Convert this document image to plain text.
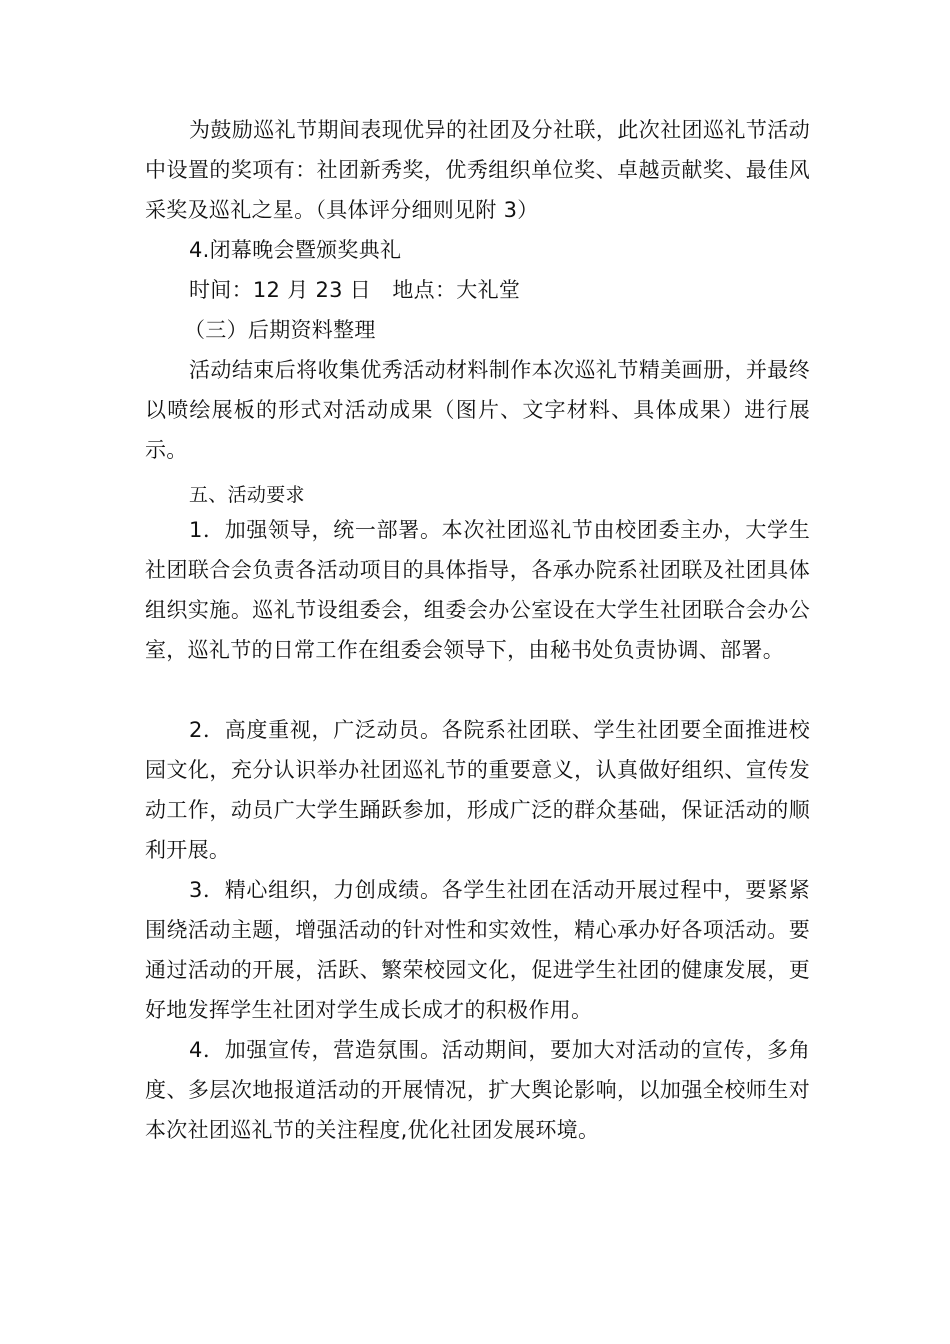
为鼓励巡礼节期间表现优异的社团及分社联，此次社团巡礼节活动中设置的奖项有：社团新秀奖，优秀组织单位奖、卓越贡献奖、最佳风采奖及巡礼之星。（具体评分细则见附 3）

4.闭幕晚会暨颁奖典礼

时间：12 月 23 日　地点：大礼堂

（三）后期资料整理

活动结束后将收集优秀活动材料制作本次巡礼节精美画册，并最终以喷绘展板的形式对活动成果（图片、文字材料、具体成果）进行展示。

五、活动要求

1．加强领导，统一部署。本次社团巡礼节由校团委主办，大学生社团联合会负责各活动项目的具体指导，各承办院系社团联及社团具体组织实施。巡礼节设组委会，组委会办公室设在大学生社团联合会办公室，巡礼节的日常工作在组委会领导下，由秘书处负责协调、部署。

2．高度重视，广泛动员。各院系社团联、学生社团要全面推进校园文化，充分认识举办社团巡礼节的重要意义，认真做好组织、宣传发动工作，动员广大学生踊跃参加，形成广泛的群众基础，保证活动的顺利开展。

3．精心组织，力创成绩。各学生社团在活动开展过程中，要紧紧围绕活动主题，增强活动的针对性和实效性，精心承办好各项活动。要通过活动的开展，活跃、繁荣校园文化，促进学生社团的健康发展，更好地发挥学生社团对学生成长成才的积极作用。

4．加强宣传，营造氛围。活动期间，要加大对活动的宣传，多角度、多层次地报道活动的开展情况，扩大舆论影响，以加强全校师生对本次社团巡礼节的关注程度,优化社团发展环境。
